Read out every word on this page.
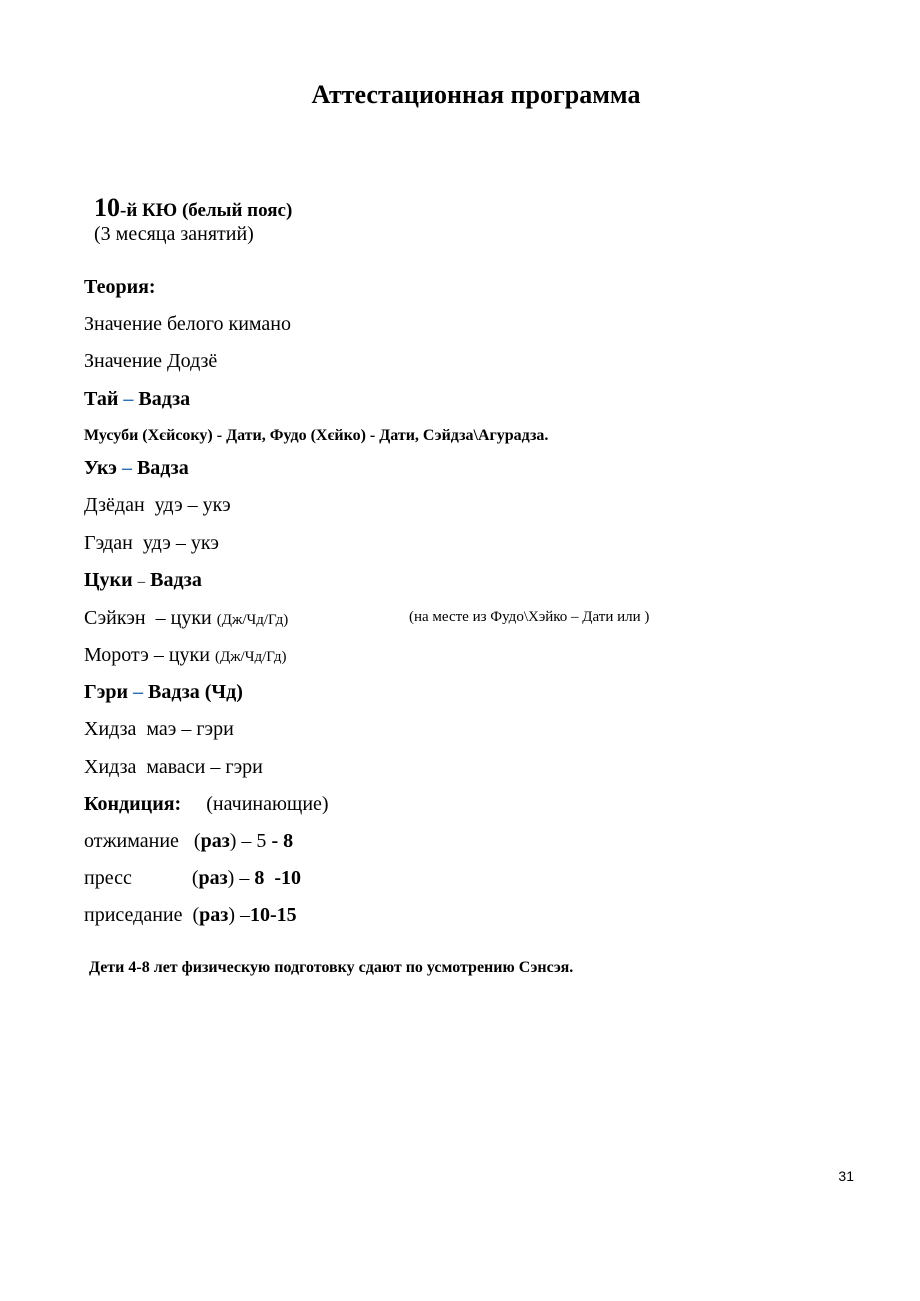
Аттестационная программа

10-й КЮ (белый пояс)

(3 месяца занятий)
Теория:
Значение белого кимано
Значение Додзё
Тай – Вадза
Мусуби (Хєйсоку) - Дати, Фудо (Хєйко) - Дати, Сэйдза\Агурадза.
Укэ – Вадза
Дзёдан  удэ – укэ
Гэдан  удэ – укэ
Цуки – Вадза
Сэйкэн  – цуки (Дж/Чд/Гд)	(на месте из Фудо\Хэйко – Дати или )
Моротэ – цуки (Дж/Чд/Гд)
Гэри – Вадза (Чд)
Хидза  маэ – гэри
Хидза  маваси – гэри
Кондиция: (начинающие)
отжимание   (раз) – 5 - 8
пресс            (раз) – 8  -10
приседание  (раз) –10-15
Дети 4-8 лет физическую подготовку сдают по усмотрению Сэнсэя.
31
